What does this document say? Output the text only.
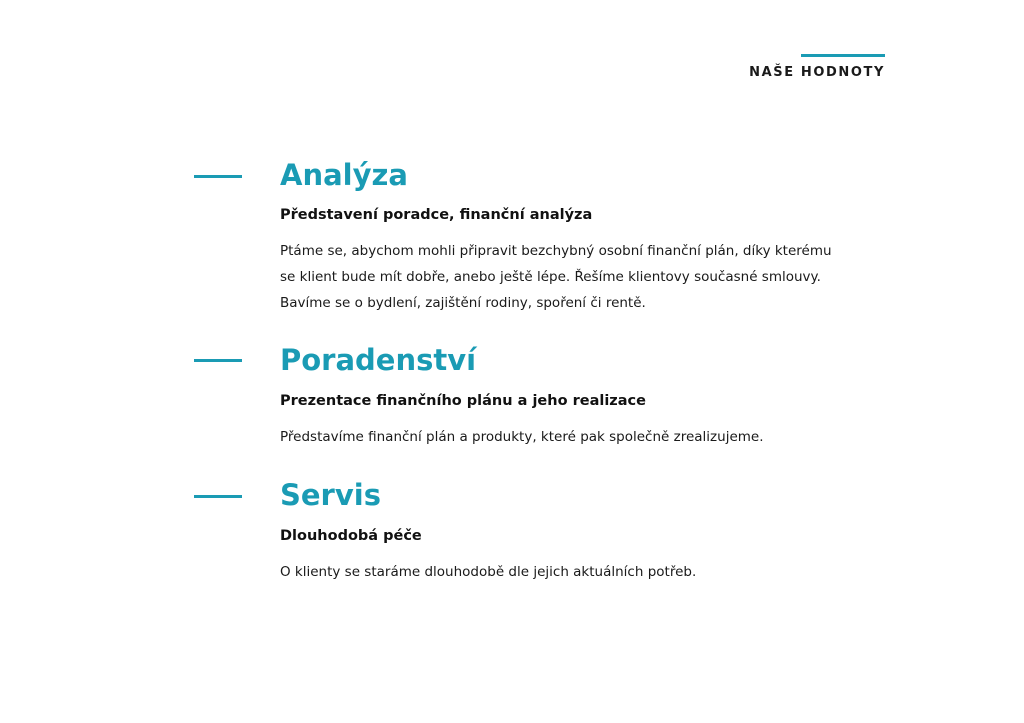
NAŠE HODNOTY
Analýza
Představení poradce, finanční analýza

Ptáme se, abychom mohli připravit bezchybný osobní finanční plán, díky kterému
se klient bude mít dobře, anebo ještě lépe. Řešíme klientovy současné smlouvy.
Bavíme se o bydlení, zajištění rodiny, spoření či rentě.

Poradenství
Prezentace finančního plánu a jeho realizace

Představíme finanční plán a produkty, které pak společně zrealizujeme.

Servis
Dlouhodobá péče

O klienty se staráme dlouhodobě dle jejich aktuálních potřeb.
